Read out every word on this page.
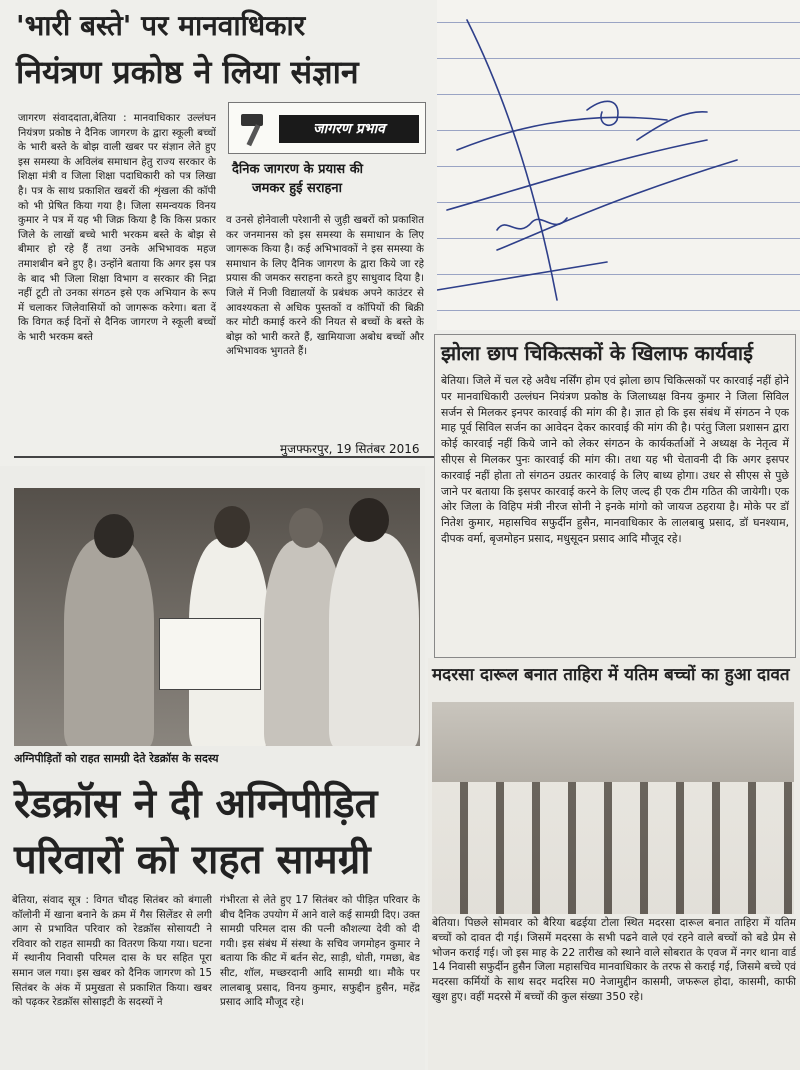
'भारी बस्ते' पर मानवाधिकार
नियंत्रण प्रकोष्ठ ने लिया संज्ञान
जागरण प्रभाव
दैनिक जागरण के प्रयास की
जमकर हुई सराहना

जागरण संवाददाता,बेतिया : मानवाधिकार उल्लंघन नियंत्रण प्रकोष्ठ ने दैनिक जागरण के द्वारा स्कूली बच्चों के भारी बस्ते के बोझ वाली खबर पर संज्ञान लेते हुए इस समस्या के अविलंब समाधान हेतु राज्य सरकार के शिक्षा मंत्री व जिला शिक्षा पदाधिकारी को पत्र लिखा है। पत्र के साथ प्रकाशित खबरों की शृंखला की कॉपी को भी प्रेषित किया गया है। जिला समन्वयक विनय कुमार ने पत्र में यह भी जिक्र किया है कि किस प्रकार जिले के लाखों बच्चे भारी भरकम बस्ते के बोझ से बीमार हो रहे हैं तथा उनके अभिभावक महज तमाशबीन बने हुए है। उन्होंने बताया कि अगर इस पत्र के बाद भी जिला शिक्षा विभाग व सरकार की निद्रा नहीं टूटी तो उनका संगठन इसे एक अभियान के रूप में चलाकर जिलेवासियों को जागरूक करेगा। बता दें कि विगत कई दिनों से दैनिक जागरण ने स्कूली बच्चों के भारी भरकम बस्ते

व उनसे होनेवाली परेशानी से जुड़ी खबरों को प्रकाशित कर जनमानस को इस समस्या के समाधान के लिए जागरूक किया है। कई अभिभावकों ने इस समस्या के समाधान के लिए दैनिक जागरण के द्वारा किये जा रहे प्रयास की जमकर सराहना करते हुए साधुवाद दिया है। जिले में निजी विद्यालयों के प्रबंधक अपने काउंटर से आवश्यकता से अधिक पुस्तकों व कॉपियों की बिक्री कर मोटी कमाई करने की नियत से बच्चों के बस्ते के बोझ को भारी करते हैं, खामियाजा अबोध बच्चों और अभिभावक भुगतते हैं।

मुजफ्फरपुर, 19 सितंबर 2016
अग्निपीड़ितों को राहत सामग्री देते रेडक्रॉस के सदस्य
रेडक्रॉस ने दी अग्निपीड़ित
परिवारों को राहत सामग्री

बेतिया, संवाद सूत्र : विगत चौदह सितंबर को बंगाली कॉलोनी में खाना बनाने के क्रम में गैस सिलेंडर से लगी आग से प्रभावित परिवार को रेडक्रॉस सोसायटी ने रविवार को राहत सामग्री का वितरण किया गया। घटना में स्थानीय निवासी परिमल दास के घर सहित पूरा समान जल गया। इस खबर को दैनिक जागरण को 15 सितंबर के अंक में प्रमुखता से प्रकाशित किया। खबर को पढ़कर रेडक्रॉस सोसाइटी के सदस्यों ने

गंभीरता से लेते हुए 17 सितंबर को पीड़ित परिवार के बीच दैनिक उपयोग में आने वाले कई सामग्री दिए। उक्त सामग्री परिमल दास की पत्नी कौशल्या देवी को दी गयी। इस संबंध में संस्था के सचिव जगमोहन कुमार ने बताया कि कीट में बर्तन सेट, साड़ी, धोती, गमछा, बेड सीट, शॉल, मच्छरदानी आदि सामग्री था। मौके पर लालबाबू प्रसाद, विनय कुमार, सफुद्दीन हुसैन, महेंद्र प्रसाद आदि मौजूद रहे।

झोला छाप चिकित्सकों के खिलाफ कार्यवाई

बेतिया। जिले में चल रहे अवैध नर्सिंग होम एवं झोला छाप चिकित्सकों पर कारवाई नहीं होने पर मानवाधिकारी उल्लंघन नियंत्रण प्रकोष्ठ के जिलाध्यक्ष विनय कुमार ने जिला सिविल सर्जन से मिलकर इनपर कारवाई की मांग की है। ज्ञात हो कि इस संबंध में संगठन ने एक माह पूर्व सिविल सर्जन का आवेदन देकर कारवाई की मांग की है। परंतु जिला प्रशासन द्वारा कोई कारवाई नहीं किये जाने को लेकर संगठन के कार्यकर्ताओं ने अध्यक्ष के नेतृत्व में सीएस से मिलकर पुनः कारवाई की मांग की। तथा यह भी चेतावनी दी कि अगर इसपर कारवाई नहीं होता तो संगठन उग्रतर कारवाई के लिए बाध्य होगा। उधर से सीएस से पुछे जाने पर बताया कि इसपर कारवाई करने के लिए जल्द ही एक टीम गठित की जायेगी। एक ओर जिला के विहिप मंत्री नीरज सोनी ने इनके मांगो को जायज ठहराया है। मोके पर डॉ नितेश कुमार, महासचिव सफुर्दीन हुसैन, मानवाधिकार के लालबाबु प्रसाद, डॉ घनश्याम, दीपक वर्मा, बृजमोहन प्रसाद, मधुसूदन प्रसाद आदि मौजूद रहे।

मदरसा दारूल बनात ताहिरा में यतिम बच्चों का हुआ दावत

बेतिया। पिछले सोमवार को बैरिया बढईया टोला स्थित मदरसा दारूल बनात ताहिरा में यतिम बच्चों को दावत दी गई। जिसमें मदरसा के सभी पढने वाले एवं रहने वाले बच्चों को बडे प्रेम से भोजन कराई गई। जो इस माह के 22 तारीख को स्थाने वाले सोबरात के एवज में नगर थाना वार्ड 14 निवासी सफुर्दीन हुसैन जिला महासचिव मानवाधिकार के तरफ से कराई गई, जिसमे बच्चे एवं मदरसा कर्मियों के साथ सदर मदरिस म0 नेजामुद्दीन कासमी, जफरूल होदा, कासमी, काफी खुश हुए। वहीं मदरसे में बच्चों की कुल संख्या 350 रहे।
